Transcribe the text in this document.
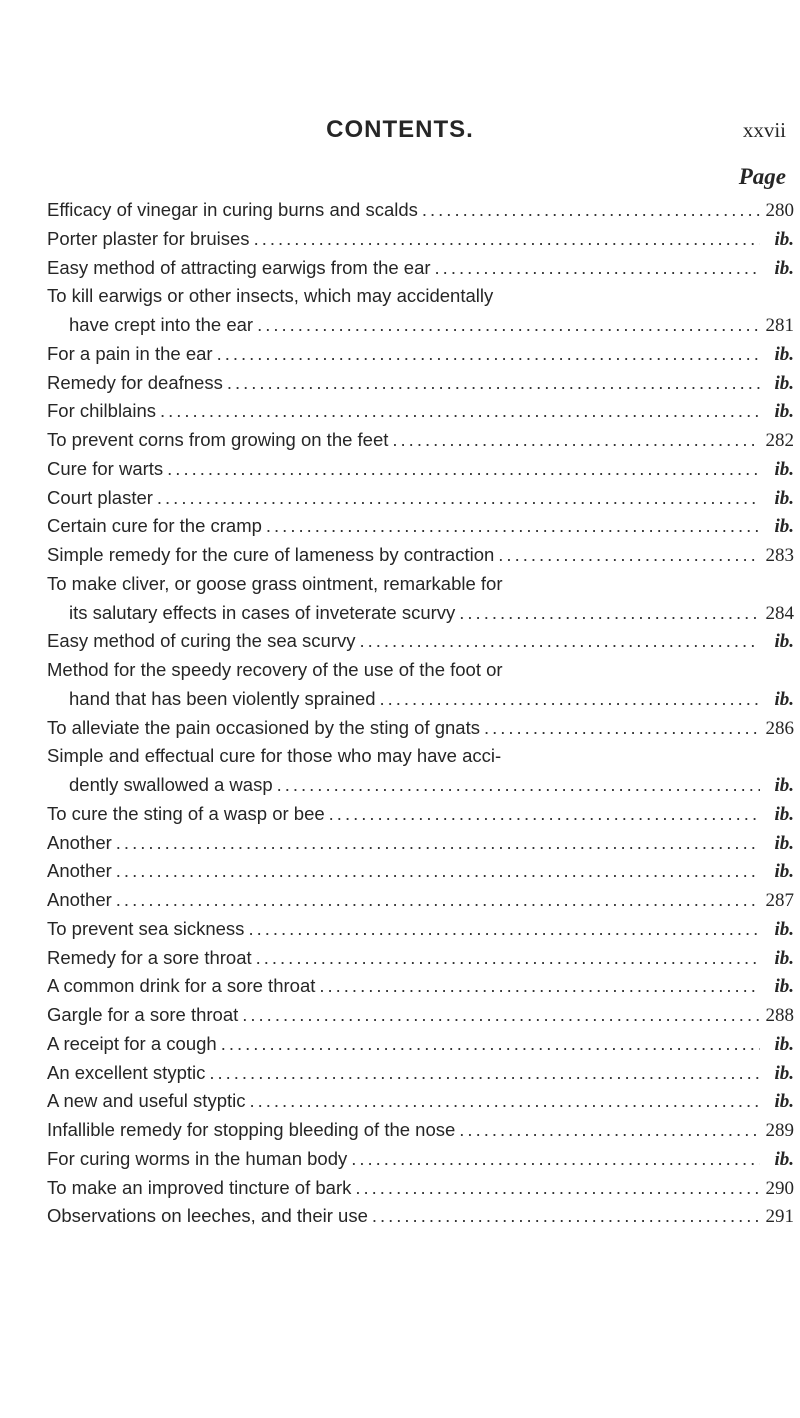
CONTENTS.	xxvii
Page
Efficacy of vinegar in curing burns and scalds .....	280
Porter plaster for bruises .....	ib.
Easy method of attracting earwigs from the ear .....	ib.
To kill earwigs or other insects, which may accidentally
have crept into the ear .....	281
For a pain in the ear .....	ib.
Remedy for deafness .....	ib.
For chilblains .....	ib.
To prevent corns from growing on the feet .....	282
Cure for warts .....	ib.
Court plaster .....	ib.
Certain cure for the cramp .....	ib.
Simple remedy for the cure of lameness by contraction .....	283
To make cliver, or goose grass ointment, remarkable for
its salutary effects in cases of inveterate scurvy .....	284
Easy method of curing the sea scurvy .....	ib.
Method for the speedy recovery of the use of the foot or
hand that has been violently sprained .....	ib.
To alleviate the pain occasioned by the sting of gnats .....	286
Simple and effectual cure for those who may have acci-
dently swallowed a wasp .....	ib.
To cure the sting of a wasp or bee .....	ib.
Another .....	ib.
Another .....	ib.
Another .....	287
To prevent sea sickness .....	ib.
Remedy for a sore throat .....	ib.
A common drink for a sore throat .....	ib.
Gargle for a sore throat .....	288
A receipt for a cough .....	ib.
An excellent styptic .....	ib.
A new and useful styptic .....	ib.
Infallible remedy for stopping bleeding of the nose .....	289
For curing worms in the human body .....	ib.
To make an improved tincture of bark .....	290
Observations on leeches, and their use .....	291
